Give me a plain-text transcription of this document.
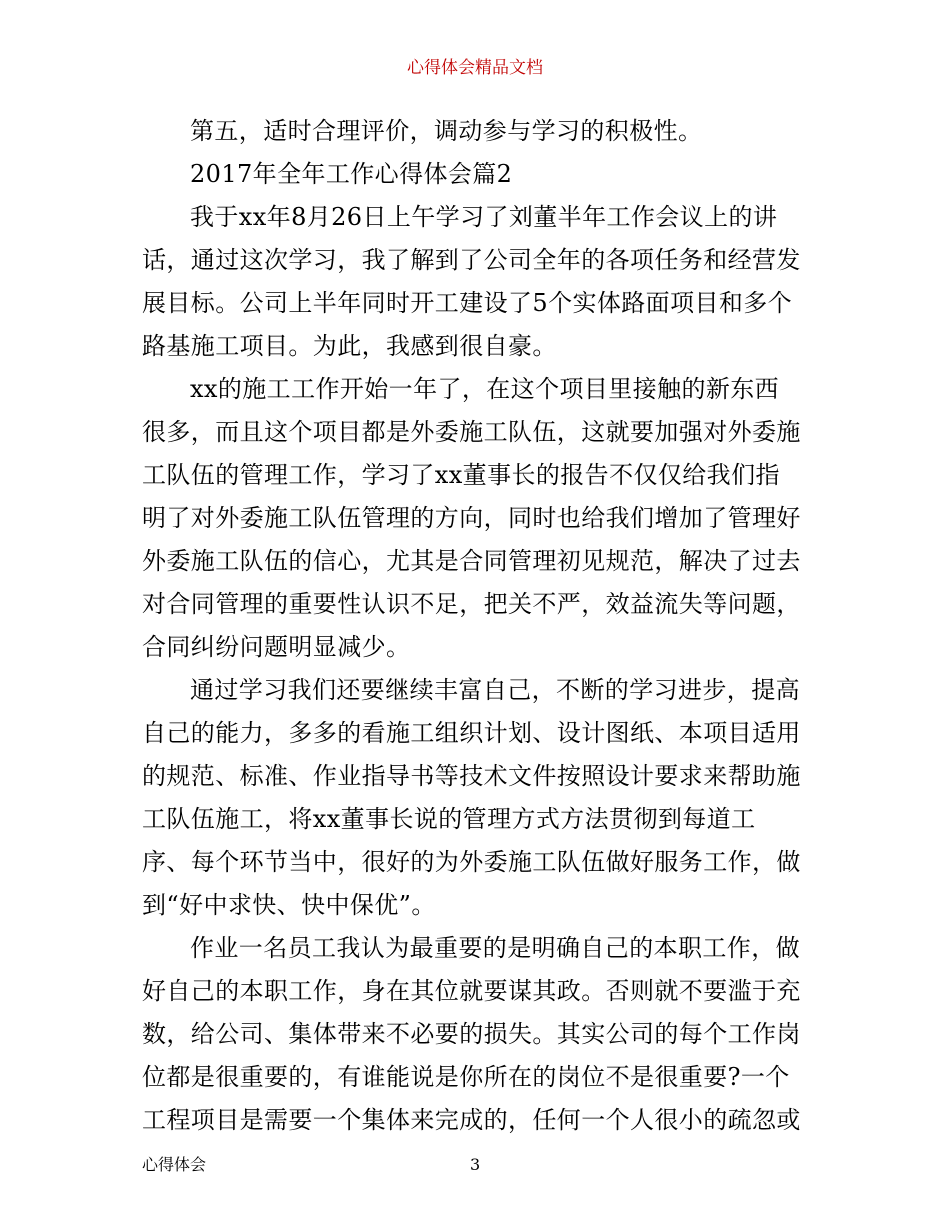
心得体会精品文档
第五，适时合理评价，调动参与学习的积极性。
2017年全年工作心得体会篇2
我于xx年8月26日上午学习了刘董半年工作会议上的讲
话，通过这次学习，我了解到了公司全年的各项任务和经营发
展目标。公司上半年同时开工建设了5个实体路面项目和多个
路基施工项目。为此，我感到很自豪。
xx的施工工作开始一年了，在这个项目里接触的新东西
很多，而且这个项目都是外委施工队伍，这就要加强对外委施
工队伍的管理工作，学习了xx董事长的报告不仅仅给我们指
明了对外委施工队伍管理的方向，同时也给我们增加了管理好
外委施工队伍的信心，尤其是合同管理初见规范，解决了过去
对合同管理的重要性认识不足，把关不严，效益流失等问题，
合同纠纷问题明显减少。
通过学习我们还要继续丰富自己，不断的学习进步，提高
自己的能力，多多的看施工组织计划、设计图纸、本项目适用
的规范、标准、作业指导书等技术文件按照设计要求来帮助施
工队伍施工，将xx董事长说的管理方式方法贯彻到每道工
序、每个环节当中，很好的为外委施工队伍做好服务工作，做
到“好中求快、快中保优”。
作业一名员工我认为最重要的是明确自己的本职工作，做
好自己的本职工作，身在其位就要谋其政。否则就不要滥于充
数，给公司、集体带来不必要的损失。其实公司的每个工作岗
位都是很重要的，有谁能说是你所在的岗位不是很重要?一个
工程项目是需要一个集体来完成的，任何一个人很小的疏忽或
心得体会	3
